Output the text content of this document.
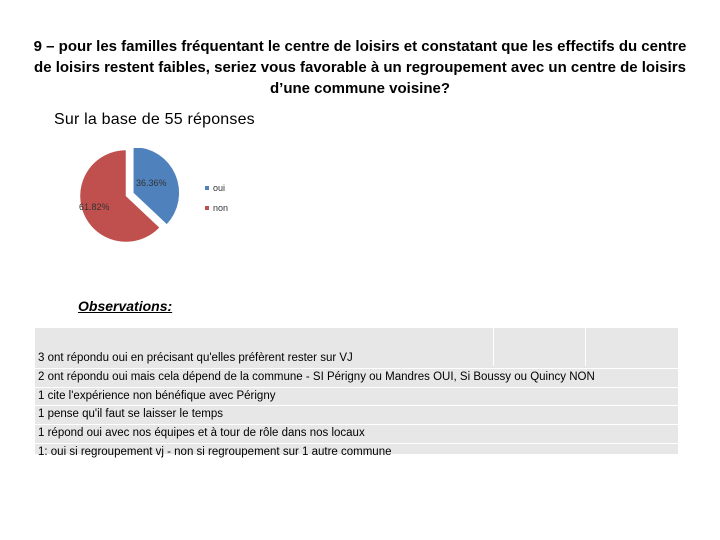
9 – pour les familles fréquentant le centre de loisirs et constatant que les effectifs du centre de loisirs restent faibles, seriez vous favorable à un regroupement avec un centre de loisirs d’une commune voisine?
Sur la base de 55 réponses
36.36%
61.82%
oui
non
Observations:
3 ont répondu oui en précisant qu'elles préfèrent rester sur VJ
2 ont répondu oui mais cela dépend de la commune - SI Périgny ou Mandres OUI, Si Boussy ou Quincy NON
1 cite l'expérience non bénéfique avec Périgny
1 pense qu'il faut se laisser le temps
1 répond oui avec nos équipes et à tour de rôle dans nos locaux
1: oui si regroupement vj - non si regroupement sur 1 autre commune
